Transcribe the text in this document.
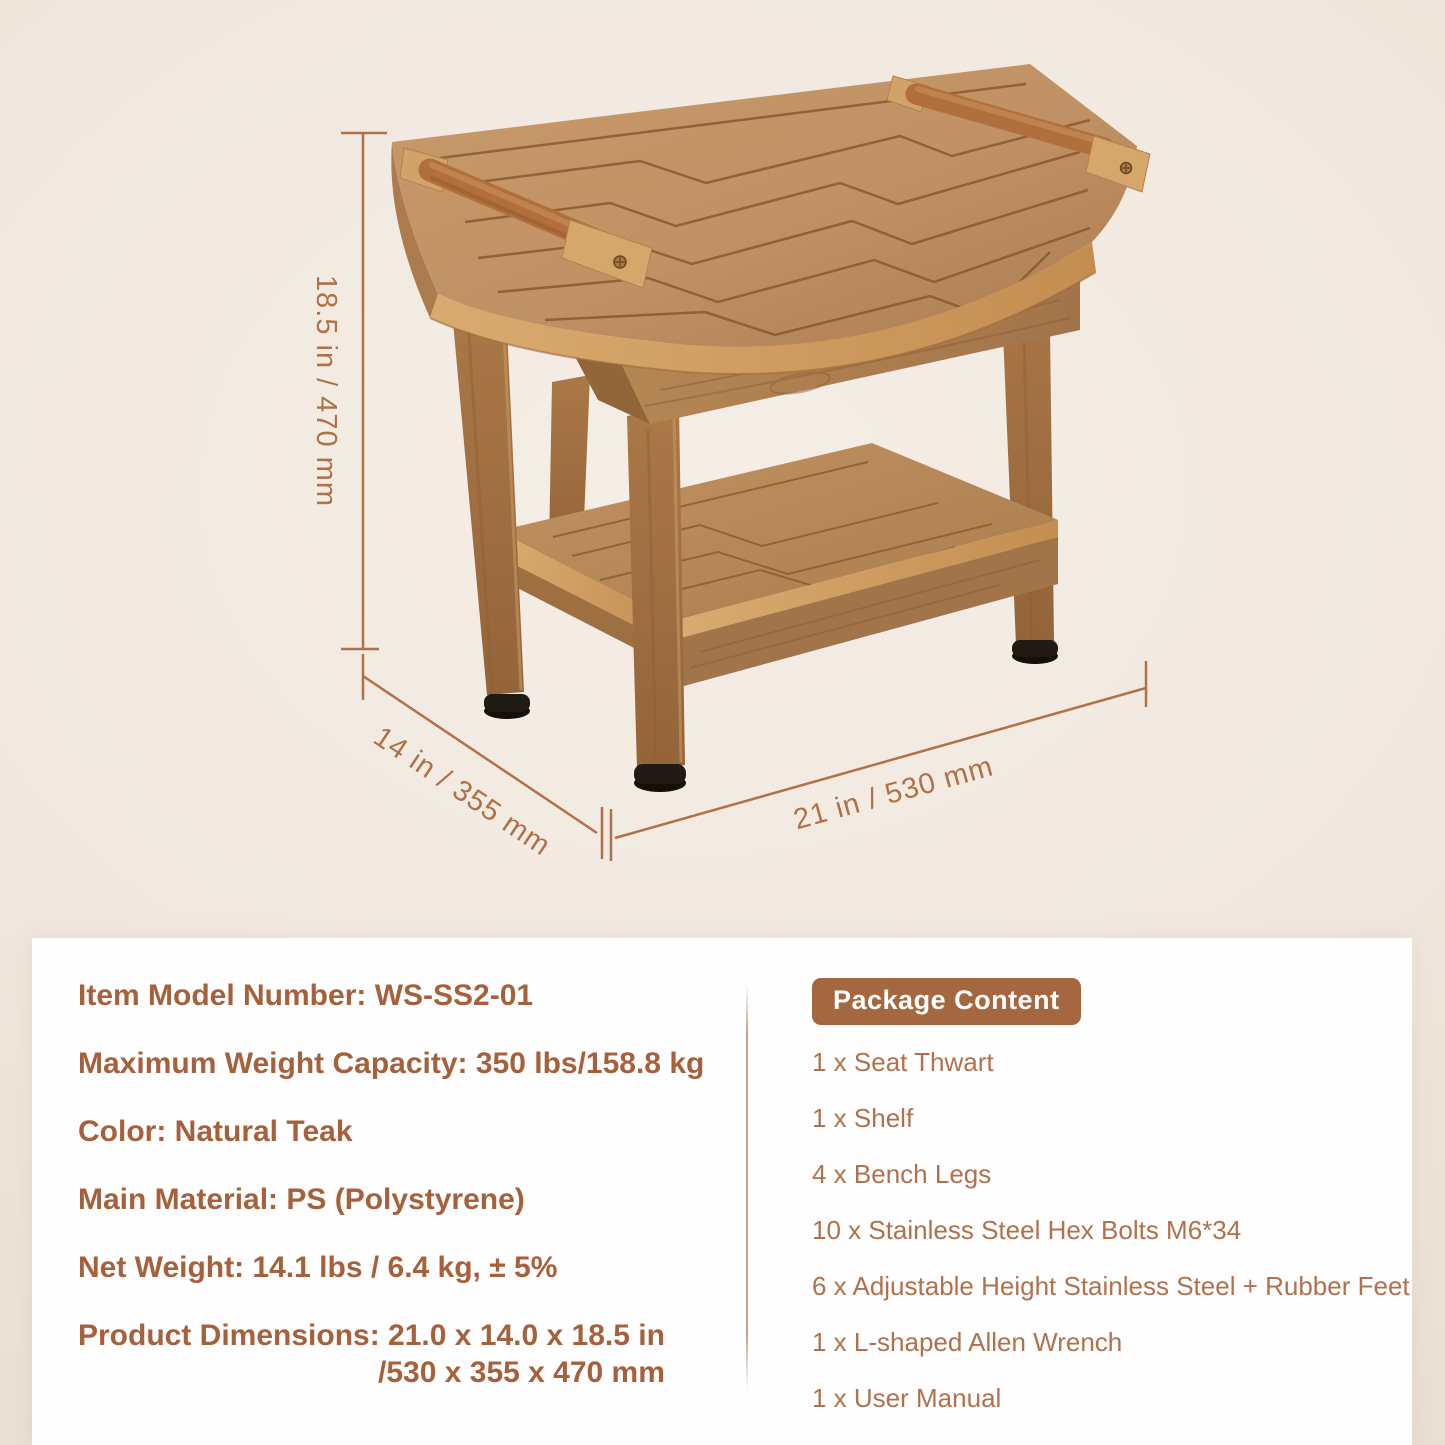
18.5 in / 470 mm
14 in / 355 mm	21 in / 530 mm

Item Model Number: WS-SS2-01

Maximum Weight Capacity: 350 lbs/158.8 kg

Color: Natural Teak

Main Material: PS (Polystyrene)

Net Weight: 14.1 lbs / 6.4 kg, ± 5%

Product Dimensions: 21.0 x 14.0 x 18.5 in
/530 x 355 x 470 mm
Package Content
1 x Seat Thwart
1 x Shelf
4 x Bench Legs
10 x Stainless Steel Hex Bolts M6*34
6 x Adjustable Height Stainless Steel + Rubber Feet
1 x L-shaped Allen Wrench
1 x User Manual
